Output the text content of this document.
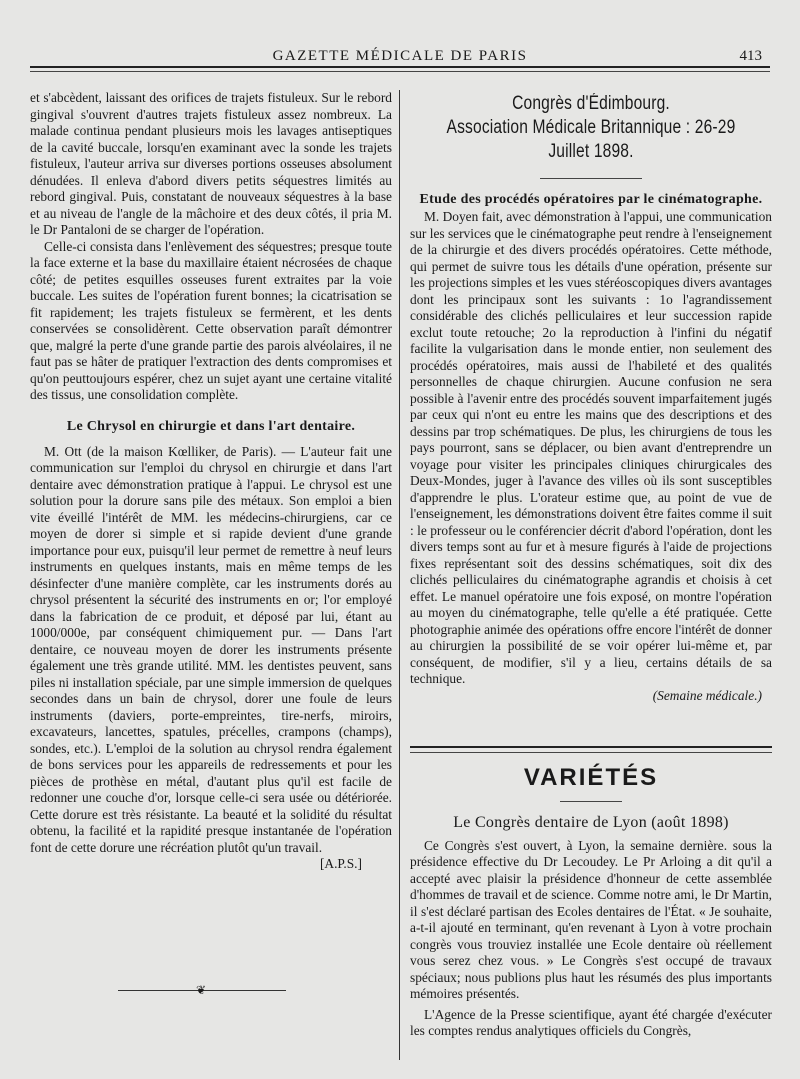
GAZETTE MÉDICALE DE PARIS	413

et s'abcèdent, laissant des orifices de trajets fistuleux. Sur le rebord gingival s'ouvrent d'autres trajets fistuleux assez nombreux. La malade continua pendant plusieurs mois les lavages antiseptiques de la cavité buccale, lorsqu'en examinant avec la sonde les trajets fistuleux, l'auteur arriva sur diverses portions osseuses absolument dénudées. Il enleva d'abord divers petits séquestres limités au rebord gingival. Puis, constatant de nouveaux séquestres à la base et au niveau de l'angle de la mâchoire et des deux côtés, il pria M. le Dr Pantaloni de se charger de l'opération.

Celle-ci consista dans l'enlèvement des séquestres; presque toute la face externe et la base du maxillaire étaient nécrosées de chaque côté; de petites esquilles osseuses furent extraites par la voie buccale. Les suites de l'opération furent bonnes; la cicatrisation se fit rapidement; les trajets fistuleux se fermèrent, et les dents conservées se consolidèrent. Cette observation paraît démontrer que, malgré la perte d'une grande partie des parois alvéolaires, il ne faut pas se hâter de pratiquer l'extraction des dents compromises et qu'on peuttoujours espérer, chez un sujet ayant une certaine vitalité des tissus, une consolidation complète.

Le Chrysol en chirurgie et dans l'art dentaire.

M. Ott (de la maison Kœlliker, de Paris). — L'auteur fait une communication sur l'emploi du chrysol en chirurgie et dans l'art dentaire avec démonstration pratique à l'appui. Le chrysol est une solution pour la dorure sans pile des métaux. Son emploi a bien vite éveillé l'intérêt de MM. les médecins-chirurgiens, car ce moyen de dorer si simple et si rapide devient d'une grande importance pour eux, puisqu'il leur permet de remettre à neuf leurs instruments en quelques instants, mais en même temps de les désinfecter d'une manière complète, car les instruments dorés au chrysol présentent la sécurité des instruments en or; l'or employé dans la fabrication de ce produit, et déposé par lui, étant au 1000/000e, par conséquent chimiquement pur. — Dans l'art dentaire, ce nouveau moyen de dorer les instruments présente également une très grande utilité. MM. les dentistes peuvent, sans piles ni installation spéciale, par une simple immersion de quelques secondes dans un bain de chrysol, dorer une foule de leurs instruments (daviers, porte-empreintes, tire-nerfs, miroirs, excavateurs, lancettes, spatules, précelles, crampons (champs), sondes, etc.). L'emploi de la solution au chrysol rendra également de bons services pour les appareils de redressements et pour les pièces de prothèse en métal, d'autant plus qu'il est facile de redonner une couche d'or, lorsque celle-ci sera usée ou détériorée. Cette dorure est très résistante. La beauté et la solidité du résultat obtenu, la facilité et la rapidité presque instantanée de l'opération font de cette dorure une récréation plutôt qu'un travail.

[A.P.S.]
❦
Congrès d'Édimbourg.
Association Médicale Britannique : 26-29 Juillet 1898.
Etude des procédés opératoires par le cinématographe.

M. Doyen fait, avec démonstration à l'appui, une communication sur les services que le cinématographe peut rendre à l'enseignement de la chirurgie et des divers procédés opératoires. Cette méthode, qui permet de suivre tous les détails d'une opération, présente sur les projections simples et les vues stéréoscopiques divers avantages dont les principaux sont les suivants : 1o l'agrandissement considérable des clichés pelliculaires et leur succession rapide exclut toute retouche; 2o la reproduction à l'infini du négatif facilite la vulgarisation dans le monde entier, non seulement des procédés opératoires, mais aussi de l'habileté et des qualités personnelles de chaque chirurgien. Aucune confusion ne sera possible à l'avenir entre des procédés souvent imparfaitement jugés par ceux qui n'ont eu entre les mains que des descriptions et des dessins par trop schématiques. De plus, les chirurgiens de tous les pays pourront, sans se déplacer, ou bien avant d'entreprendre un voyage pour visiter les principales cliniques chirurgicales des Deux-Mondes, juger à l'avance des villes où ils sont susceptibles d'apprendre le plus. L'orateur estime que, au point de vue de l'enseignement, les démonstrations doivent être faites comme il suit : le professeur ou le conférencier décrit d'abord l'opération, dont les divers temps sont au fur et à mesure figurés à l'aide de projections fixes représentant soit des dessins schématiques, soit dix des clichés pelliculaires du cinématographe agrandis et choisis à cet effet. Le manuel opératoire une fois exposé, on montre l'opération au moyen du cinématographe, telle qu'elle a été pratiquée. Cette photographie animée des opérations offre encore l'intérêt de donner au chirurgien la possibilité de se voir opérer lui-même et, par conséquent, de modifier, s'il y a lieu, certains détails de sa technique.

(Semaine médicale.)
VARIÉTÉS
Le Congrès dentaire de Lyon (août 1898)

Ce Congrès s'est ouvert, à Lyon, la semaine dernière. sous la présidence effective du Dr Lecoudey. Le Pr Arloing a dit qu'il a accepté avec plaisir la présidence d'honneur de cette assemblée d'hommes de travail et de science. Comme notre ami, le Dr Martin, il s'est déclaré partisan des Ecoles dentaires de l'État. « Je souhaite, a-t-il ajouté en terminant, qu'en revenant à Lyon à votre prochain congrès vous trouviez installée une Ecole dentaire où réellement vous serez chez vous. » Le Congrès s'est occupé de travaux spéciaux; nous publions plus haut les résumés des plus importants mémoires présentés.

L'Agence de la Presse scientifique, ayant été chargée d'exécuter les comptes rendus analytiques officiels du Congrès,
